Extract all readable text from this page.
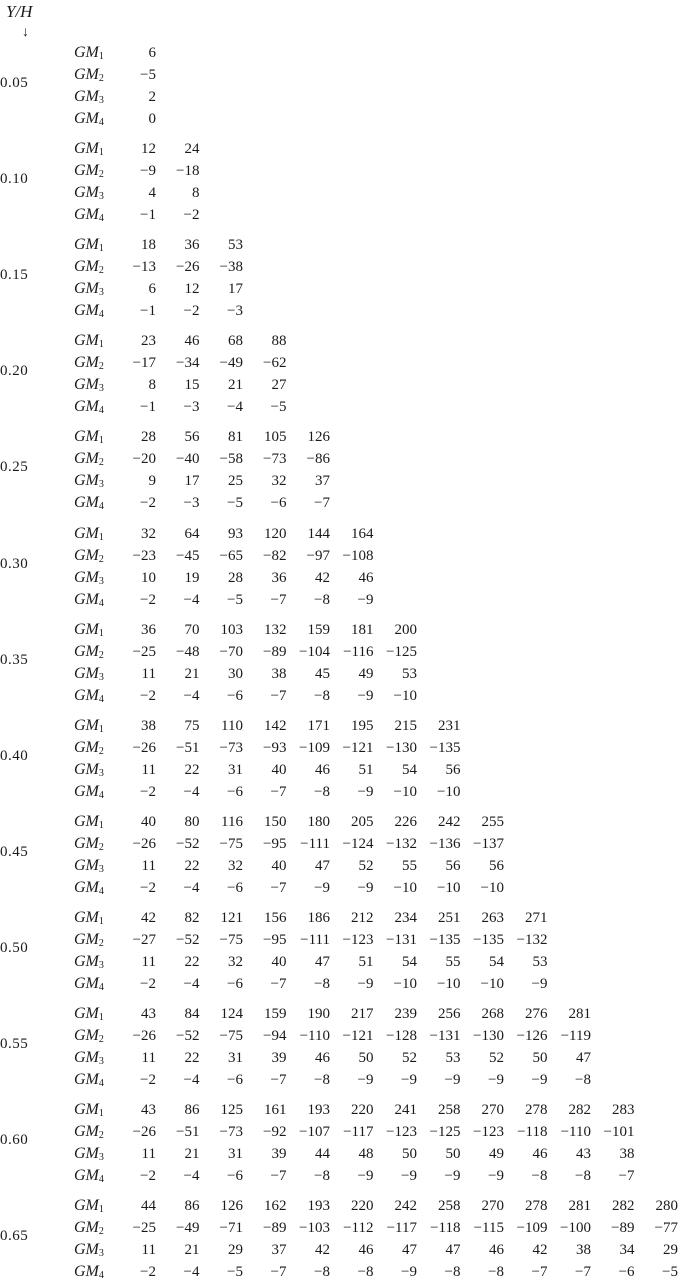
Y/H
↓
0.05
$GM_1$	6
$GM_2$	−5
$GM_3$	2
$GM_4$	0
0.10
$GM_1$	12	24
$GM_2$	−9	−18
$GM_3$	4	8
$GM_4$	−1	−2
0.15
$GM_1$	18	36	53
$GM_2$	−13	−26	−38
$GM_3$	6	12	17
$GM_4$	−1	−2	−3
0.20
$GM_1$	23	46	68	88
$GM_2$	−17	−34	−49	−62
$GM_3$	8	15	21	27
$GM_4$	−1	−3	−4	−5
0.25
$GM_1$	28	56	81	105	126
$GM_2$	−20	−40	−58	−73	−86
$GM_3$	9	17	25	32	37
$GM_4$	−2	−3	−5	−6	−7
0.30
$GM_1$	32	64	93	120	144	164
$GM_2$	−23	−45	−65	−82	−97 −108
$GM_3$	10	19	28	36	42	46
$GM_4$	−2	−4	−5	−7	−8	−9
0.35
$GM_1$	36	70	103	132	159	181	200
$GM_2$	−25	−48	−70	−89 −104 −116 −125
$GM_3$	11	21	30	38	45	49	53
$GM_4$	−2	−4	−6	−7	−8	−9	−10
0.40
$GM_1$	38	75	110	142	171	195	215	231
$GM_2$	−26	−51	−73	−93 −109 −121 −130 −135
$GM_3$	11	22	31	40	46	51	54	56
$GM_4$	−2	−4	−6	−7	−8	−9	−10	−10
0.45
$GM_1$	40	80	116	150	180	205	226	242	255
$GM_2$	−26	−52	−75	−95 −111 −124 −132 −136 −137
$GM_3$	11	22	32	40	47	52	55	56	56
$GM_4$	−2	−4	−6	−7	−9	−9	−10	−10	−10
0.50
$GM_1$	42	82	121	156	186	212	234	251	263	271
$GM_2$	−27	−52	−75	−95 −111 −123 −131 −135 −135 −132
$GM_3$	11	22	32	40	47	51	54	55	54	53
$GM_4$	−2	−4	−6	−7	−8	−9	−10	−10	−10	−9
0.55
$GM_1$	43	84	124	159	190	217	239	256	268	276	281
$GM_2$	−26	−52	−75	−94 −110 −121 −128 −131 −130 −126 −119
$GM_3$	11	22	31	39	46	50	52	53	52	50	47
$GM_4$	−2	−4	−6	−7	−8	−9	−9	−9	−9	−9	−8
0.60
$GM_1$	43	86	125	161	193	220	241	258	270	278	282	283
$GM_2$	−26	−51	−73	−92 −107 −117 −123 −125 −123 −118 −110 −101
$GM_3$	11	21	31	39	44	48	50	50	49	46	43	38
$GM_4$	−2	−4	−6	−7	−8	−9	−9	−9	−9	−8	−8	−7
0.65
$GM_1$	44	86	126	162	193	220	242	258	270	278	281	282	280
$GM_2$	−25	−49	−71	−89 −103 −112 −117 −118 −115 −109 −100	−89	−77
$GM_3$	11	21	29	37	42	46	47	47	46	42	38	34	29
$GM_4$	−2	−4	−5	−7	−8	−8	−9	−8	−8	−7	−7	−6	−5
